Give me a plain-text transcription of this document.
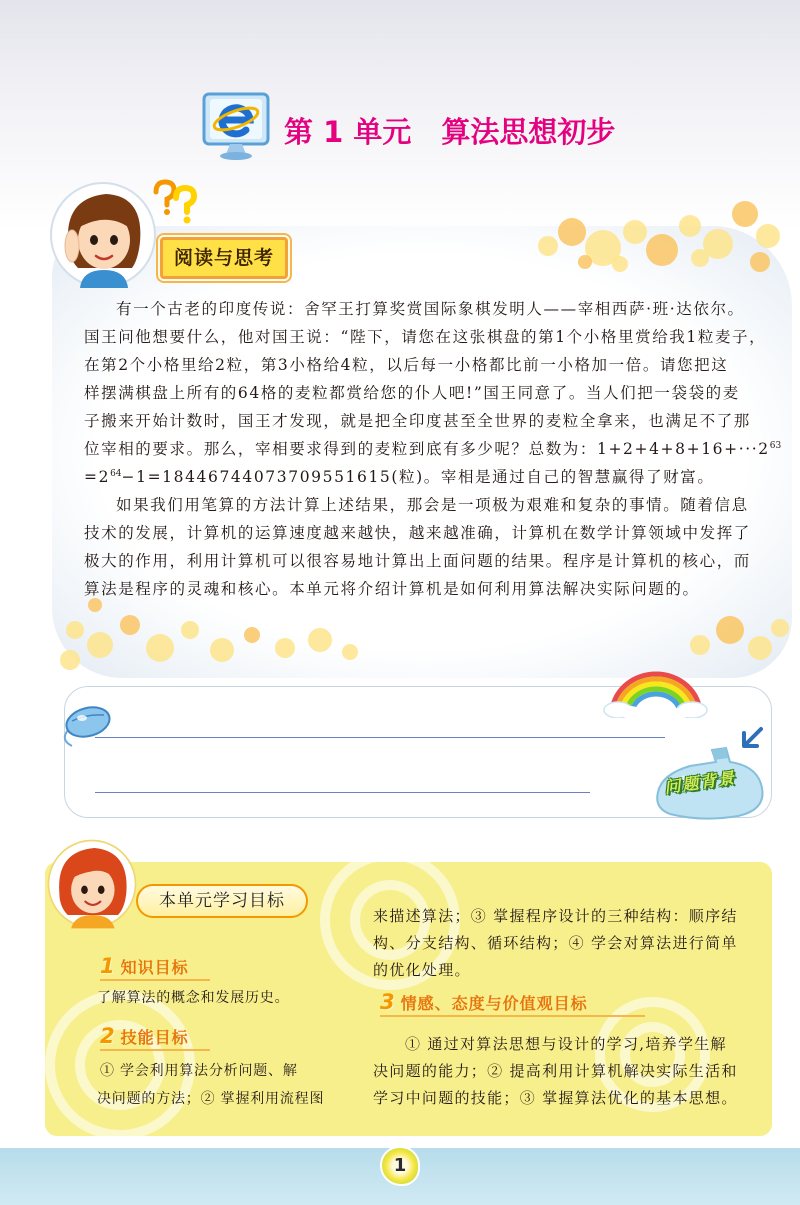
第 1 单元 算法思想初步
阅读与思考
有一个古老的印度传说：舍罕王打算奖赏国际象棋发明人——宰相西萨·班·达依尔。
国王问他想要什么，他对国王说：“陛下，请您在这张棋盘的第1个小格里赏给我1粒麦子，
在第2个小格里给2粒，第3小格给4粒，以后每一小格都比前一小格加一倍。请您把这
样摆满棋盘上所有的64格的麦粒都赏给您的仆人吧!”国王同意了。当人们把一袋袋的麦
子搬来开始计数时，国王才发现，就是把全印度甚至全世界的麦粒全拿来，也满足不了那
位宰相的要求。那么，宰相要求得到的麦粒到底有多少呢？总数为：$1+2+4+8+16+\cdot\cdot\cdot 2^{63}$
$=2^{64}-1=18446744073709551615$(粒)。宰相是通过自己的智慧赢得了财富。
如果我们用笔算的方法计算上述结果，那会是一项极为艰难和复杂的事情。随着信息
技术的发展，计算机的运算速度越来越快，越来越准确，计算机在数学计算领域中发挥了
极大的作用，利用计算机可以很容易地计算出上面问题的结果。程序是计算机的核心，而
算法是程序的灵魂和核心。本单元将介绍计算机是如何利用算法解决实际问题的。
问题背景
本单元学习目标
1 知识目标
了解算法的概念和发展历史。
2 技能目标
① 学会利用算法分析问题、解
决问题的方法；② 掌握利用流程图
来描述算法；③ 掌握程序设计的三种结构：顺序结
构、分支结构、循环结构；④ 学会对算法进行简单
的优化处理。
3 情感、态度与价值观目标
① 通过对算法思想与设计的学习,培养学生解
决问题的能力；② 提高利用计算机解决实际生活和
学习中问题的技能；③ 掌握算法优化的基本思想。
1
